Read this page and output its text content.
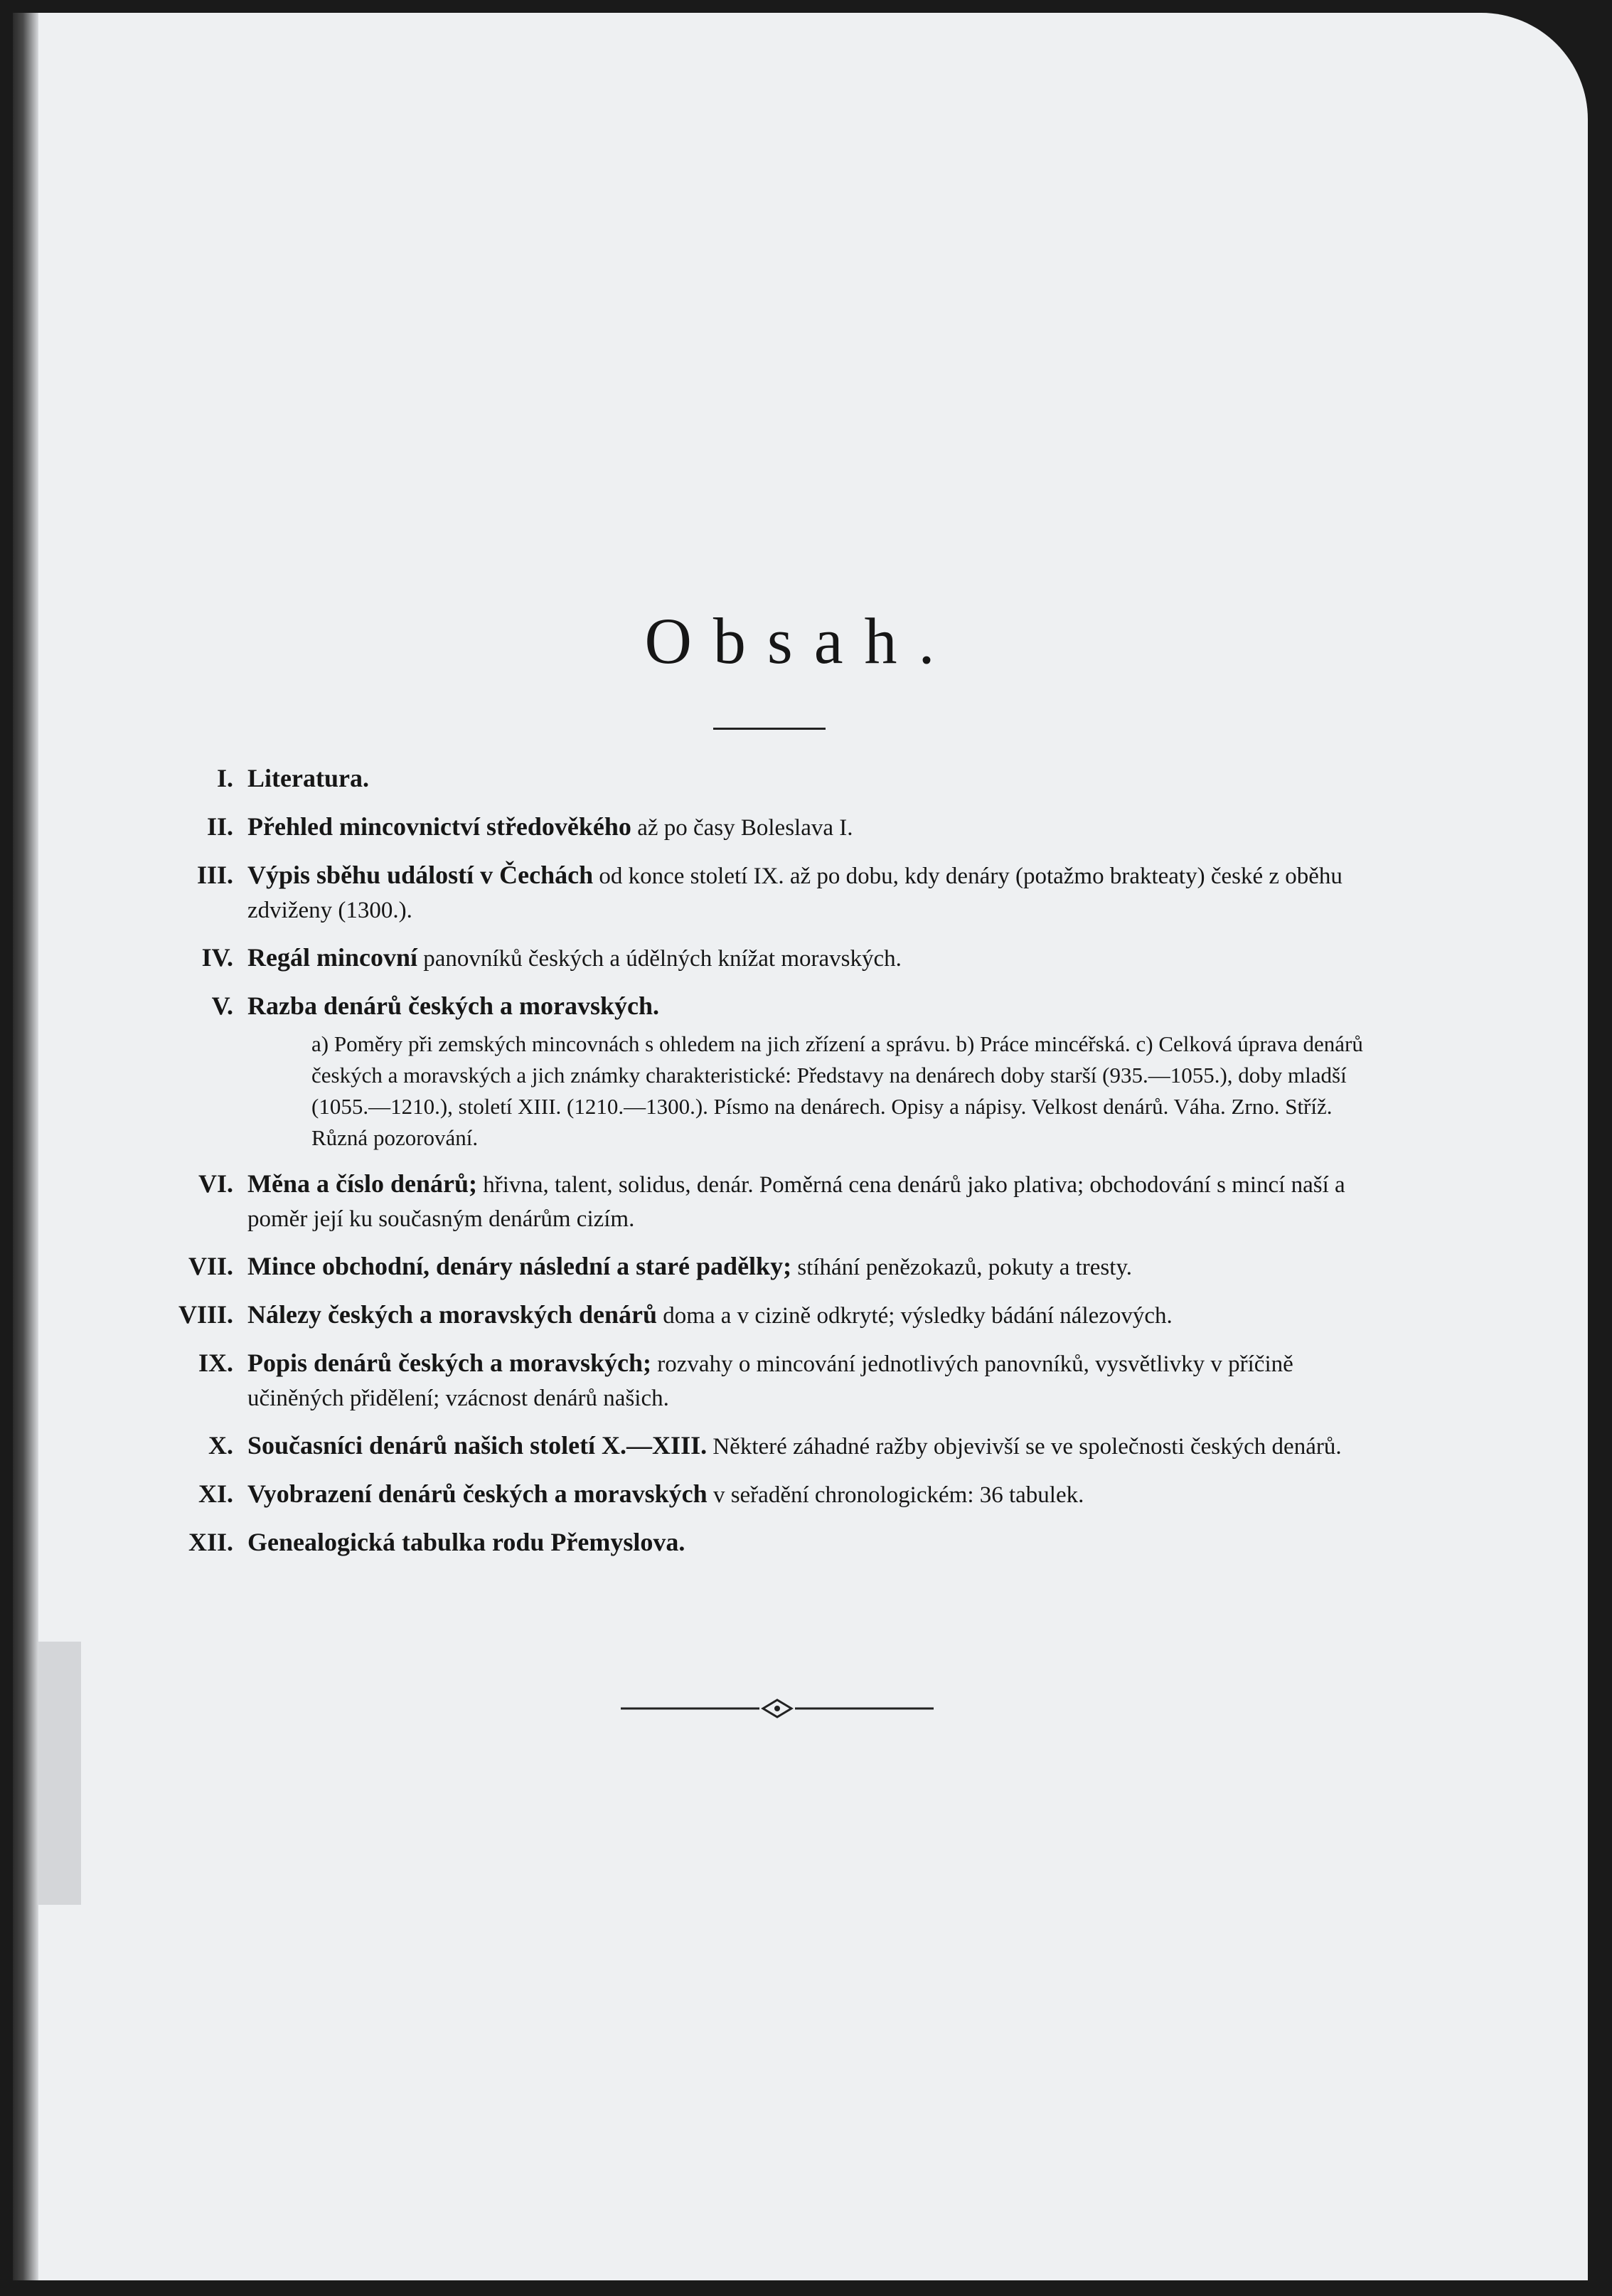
Obsah.
I. Literatura.
II. Přehled mincovnictví středověkého až po časy Boleslava I.
III. Výpis sběhu událostí v Čechách od konce století IX. až po dobu, kdy denáry (potažmo brakteaty) české z oběhu zdviženy (1300.).
IV. Regál mincovní panovníků českých a údělných knížat moravských.
V. Razba denárů českých a moravských.
a) Poměry při zemských mincovnách s ohledem na jich zřízení a správu. b) Práce mincéřská. c) Celková úprava denárů českých a moravských a jich známky charakteristické: Představy na denárech doby starší (935.—1055.), doby mladší (1055.—1210.), století XIII. (1210.—1300.). Písmo na denárech. Opisy a nápisy. Velkost denárů. Váha. Zrno. Stříž. Různá pozorování.
VI. Měna a číslo denárů; hřivna, talent, solidus, denár. Poměrná cena denárů jako plativa; obchodování s mincí naší a poměr její ku současným denárům cizím.
VII. Mince obchodní, denáry následní a staré padělky; stíhání penězokazů, pokuty a tresty.
VIII. Nálezy českých a moravských denárů doma a v cizině odkryté; výsledky bádání nálezových.
IX. Popis denárů českých a moravských; rozvahy o mincování jednotlivých panovníků, vysvětlivky v příčině učiněných přidělení; vzácnost denárů našich.
X. Současníci denárů našich století X.—XIII. Některé záhadné ražby objevivší se ve společnosti českých denárů.
XI. Vyobrazení denárů českých a moravských v seřadění chronologickém: 36 tabulek.
XII. Genealogická tabulka rodu Přemyslova.
